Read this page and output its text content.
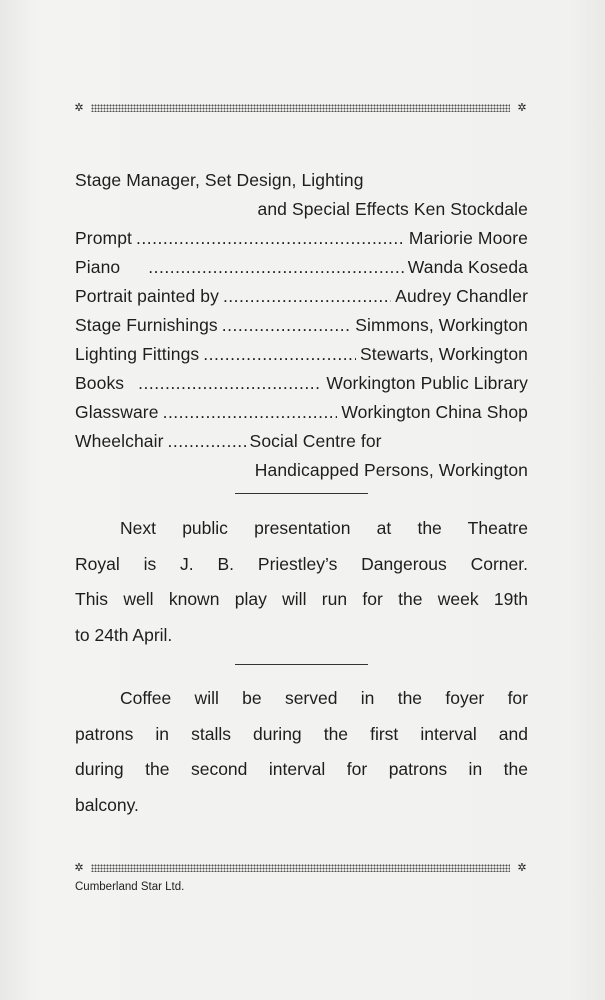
✲	✲
Stage Manager, Set Design, Lighting
and Special Effects Ken Stockdale
Prompt .....	Mariorie Moore
Piano .....	Wanda Koseda
Portrait painted by .....	Audrey Chandler
Stage Furnishings .....	Simmons, Workington
Lighting Fittings .....	Stewarts, Workington
Books .....	Workington Public Library
Glassware .....	Workington China Shop
Wheelchair .....	Social Centre for
Handicapped Persons, Workington
Next public presentation at the Theatre
Royal is J. B. Priestley’s Dangerous Corner.
This well known play will run for the week 19th
to 24th April.
Coffee will be served in the foyer for
patrons in stalls during the first interval and
during the second interval for patrons in the
balcony.
✲	✲
Cumberland Star Ltd.
